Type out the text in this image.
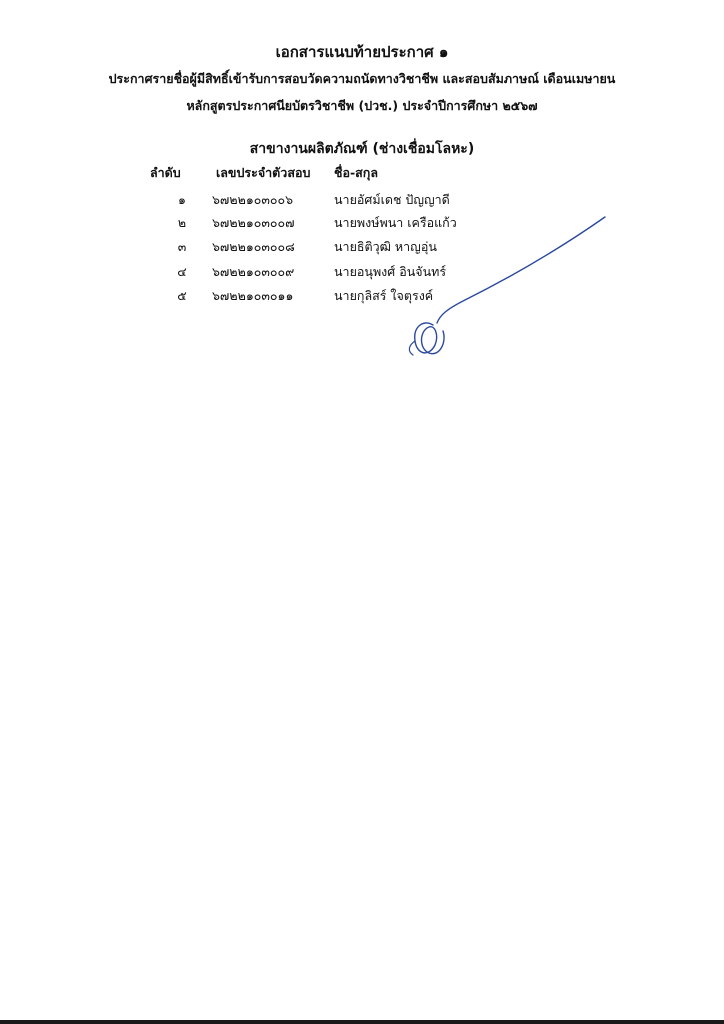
เอกสารแนบท้ายประกาศ ๑
ประกาศรายชื่อผู้มีสิทธิ์เข้ารับการสอบวัดความถนัดทางวิชาชีพ และสอบสัมภาษณ์ เดือนเมษายน
หลักสูตรประกาศนียบัตรวิชาชีพ (ปวช.) ประจำปีการศึกษา ๒๕๖๗
สาขางานผลิตภัณฑ์ (ช่างเชื่อมโลหะ)
ลำดับ	เลขประจำตัวสอบ	ชื่อ-สกุล
๑	๖๗๒๒๑๐๓๐๐๖	นายอัศม์เดช ปัญญาดี
๒	๖๗๒๒๑๐๓๐๐๗	นายพงษ์พนา เครือแก้ว
๓	๖๗๒๒๑๐๓๐๐๘	นายธิติวุฒิ หาญอุ่น
๔	๖๗๒๒๑๐๓๐๐๙	นายอนุพงศ์ อินจันทร์
๕	๖๗๒๒๑๐๓๐๑๑	นายกุลิสร์ ใจตุรงค์
